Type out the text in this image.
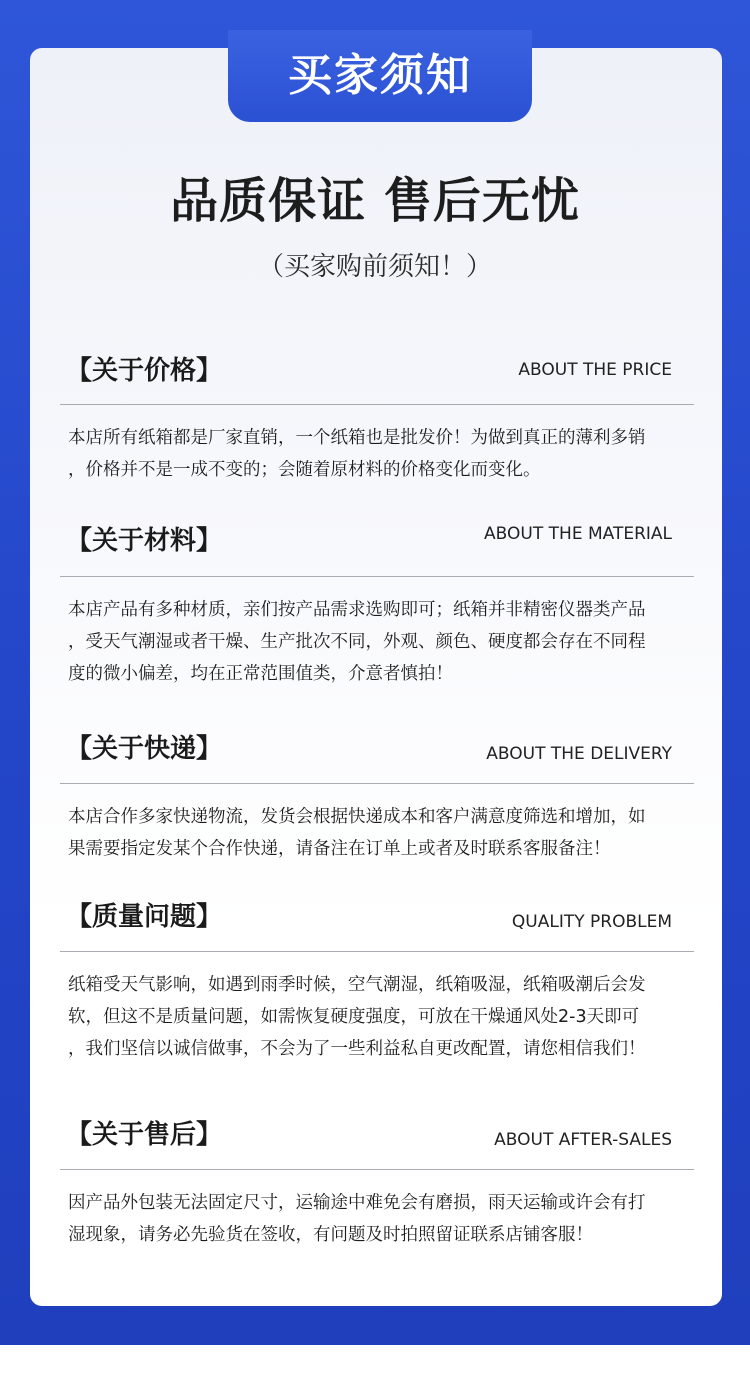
买家须知
品质保证 售后无忧
（买家购前须知！）
【关于价格】	ABOUT THE PRICE
本店所有纸箱都是厂家直销，一个纸箱也是批发价！为做到真正的薄利多销
，价格并不是一成不变的；会随着原材料的价格变化而变化。
【关于材料】	ABOUT THE MATERIAL
本店产品有多种材质，亲们按产品需求选购即可；纸箱并非精密仪器类产品
，受天气潮湿或者干燥、生产批次不同，外观、颜色、硬度都会存在不同程
度的微小偏差，均在正常范围值类，介意者慎拍！
【关于快递】	ABOUT THE DELIVERY
本店合作多家快递物流，发货会根据快递成本和客户满意度筛选和增加，如
果需要指定发某个合作快递，请备注在订单上或者及时联系客服备注！
【质量问题】	QUALITY PROBLEM
纸箱受天气影响，如遇到雨季时候，空气潮湿，纸箱吸湿，纸箱吸潮后会发
软，但这不是质量问题，如需恢复硬度强度，可放在干燥通风处2-3天即可
，我们坚信以诚信做事，不会为了一些利益私自更改配置，请您相信我们！
【关于售后】	ABOUT AFTER-SALES
因产品外包装无法固定尺寸，运输途中难免会有磨损，雨天运输或许会有打
湿现象，请务必先验货在签收，有问题及时拍照留证联系店铺客服！
